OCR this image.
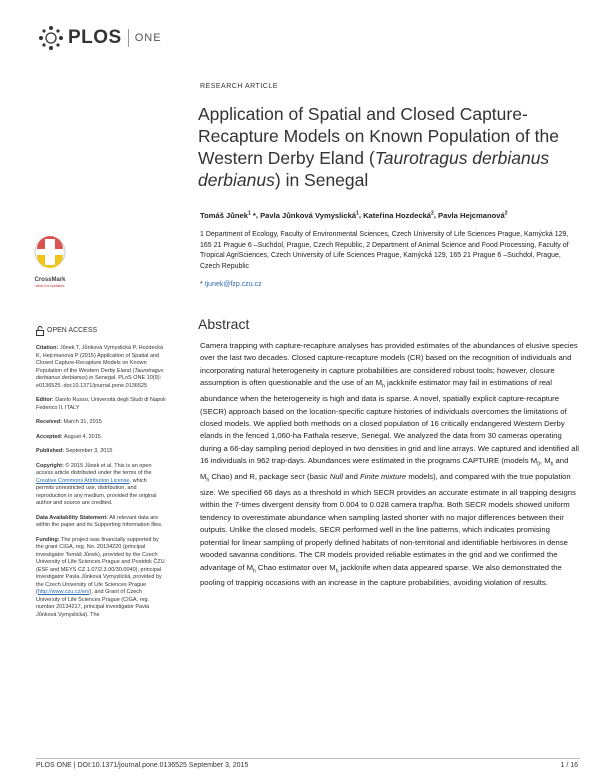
PLOS ONE
RESEARCH ARTICLE
Application of Spatial and Closed Capture-Recapture Models on Known Population of the Western Derby Eland (Taurotragus derbianus derbianus) in Senegal
Tomáš Jůnek$^1$ *, Pavla Jůnková Vymyslická$^1$, Kateřina Hozdecká$^2$, Pavla Hejcmanová$^2$
1 Department of Ecology, Faculty of Environmental Sciences, Czech University of Life Sciences Prague, Kamýcká 129, 165 21 Prague 6 –Suchdol, Prague, Czech Republic, 2 Department of Animal Science and Food Processing, Faculty of Tropical AgriSciences, Czech University of Life Sciences Prague, Kamýcká 129, 165 21 Prague 6 –Suchdol, Prague, Czech Republic
* tjunek@fzp.czu.cz
CrossMark
click for updates
OPEN ACCESS
Citation: Jůnek T, Jůnková Vymyslická P, Hozdecká K, Hejcmanová P (2015) Application of Spatial and Closed Capture-Recapture Models on Known Population of the Western Derby Eland (Taurotragus derbianus derbianus) in Senegal. PLoS ONE 10(9): e0136525. doi:10.1371/journal.pone.0136525
Editor: Danilo Russo, Università degli Studi di Napoli Federico II, ITALY
Received: March 31, 2015
Accepted: August 4, 2015
Published: September 3, 2015
Copyright: © 2015 Jůnek et al. This is an open access article distributed under the terms of the Creative Commons Attribution License, which permits unrestricted use, distribution, and reproduction in any medium, provided the original author and source are credited.
Data Availability Statement: All relevant data are within the paper and its Supporting Information files.
Funding: The project was financially supported by the grant CIGA, reg. No. 20134220 (principal investigator Tomáš Jůnek), provided by the Czech University of Life Sciences Prague and Postdok ČZU (ESF and MEYS CZ.1.07/2.3.00/30.0040), principal investigator Pavla Jůnková Vymyslická, provided by the Czech University of Life Sciences Prague (http://www.czu.cz/en/), and Grant of Czech University of Life Sciences Prague (CIGA, reg. number 20134217, principal investigator Pavla Jůnková Vymyslická). The
Abstract
Camera trapping with capture-recapture analyses has provided estimates of the abundances of elusive species over the last two decades. Closed capture-recapture models (CR) based on the recognition of individuals and incorporating natural heterogeneity in capture probabilities are considered robust tools; however, closure assumption is often questionable and the use of an $M_h$ jackknife estimator may fail in estimations of real abundance when the heterogeneity is high and data is sparse. A novel, spatially explicit capture-recapture (SECR) approach based on the location-specific capture histories of individuals overcomes the limitations of closed models. We applied both methods on a closed population of 16 critically endangered Western Derby elands in the fenced 1,060-ha Fathala reserve, Senegal. We analyzed the data from 30 cameras operating during a 66-day sampling period deployed in two densities in grid and line arrays. We captured and identified all 16 individuals in 962 trap-days. Abundances were estimated in the programs CAPTURE (models $M_0$, $M_h$ and $M_h$ Chao) and R, package secr (basic Null and Finite mixture models), and compared with the true population size. We specified 66 days as a threshold in which SECR provides an accurate estimate in all trapping designs within the 7-times divergent density from 0.004 to 0.028 camera trap/ha. Both SECR models showed uniform tendency to overestimate abundance when sampling lasted shorter with no major differences between their outputs. Unlike the closed models, SECR performed well in the line patterns, which indicates promising potential for linear sampling of properly defined habitats of non-territorial and identifiable herbivores in dense wooded savanna conditions. The CR models provided reliable estimates in the grid and we confirmed the advantage of $M_h$ Chao estimator over $M_h$ jackknife when data appeared sparse. We also demonstrated the pooling of trapping occasions with an increase in the capture probabilities, avoiding violation of results.
PLOS ONE | DOI:10.1371/journal.pone.0136525 September 3, 2015	1 / 16
